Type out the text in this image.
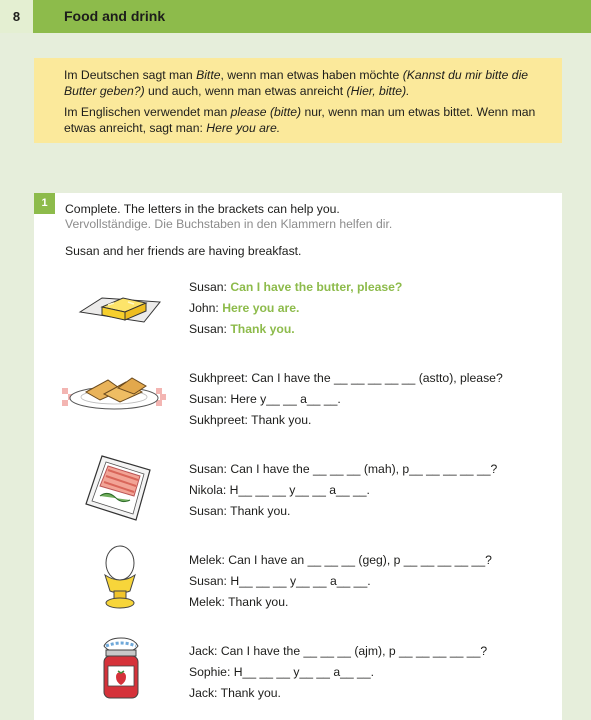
8	Food and drink

Im Deutschen sagt man Bitte, wenn man etwas haben möchte (Kannst du mir bitte die Butter geben?) und auch, wenn man etwas anreicht (Hier, bitte).

Im Englischen verwendet man please (bitte) nur, wenn man um etwas bittet. Wenn man etwas anreicht, sagt man: Here you are.

1	Complete. The letters in the brackets can help you.
Vervollständige. Die Buchstaben in den Klammern helfen dir.
Susan and her friends are having breakfast.
Susan: Can I have the butter, please?
John: Here you are.
Susan: Thank you.
Sukhpreet: Can I have the __ __ __ __ __ (astto), please?
Susan: Here y__ __ a__ __.
Sukhpreet: Thank you.
Susan: Can I have the __ __ __ (mah), p__ __ __ __ __?
Nikola: H__ __ __ y__ __ a__ __.
Susan: Thank you.
Melek: Can I have an __ __ __ (geg), p __ __ __ __ __?
Susan: H__ __ __ y__ __ a__ __.
Melek: Thank you.
Jack: Can I have the __ __ __ (ajm), p __ __ __ __ __?
Sophie: H__ __ __ y__ __ a__ __.
Jack: Thank you.
